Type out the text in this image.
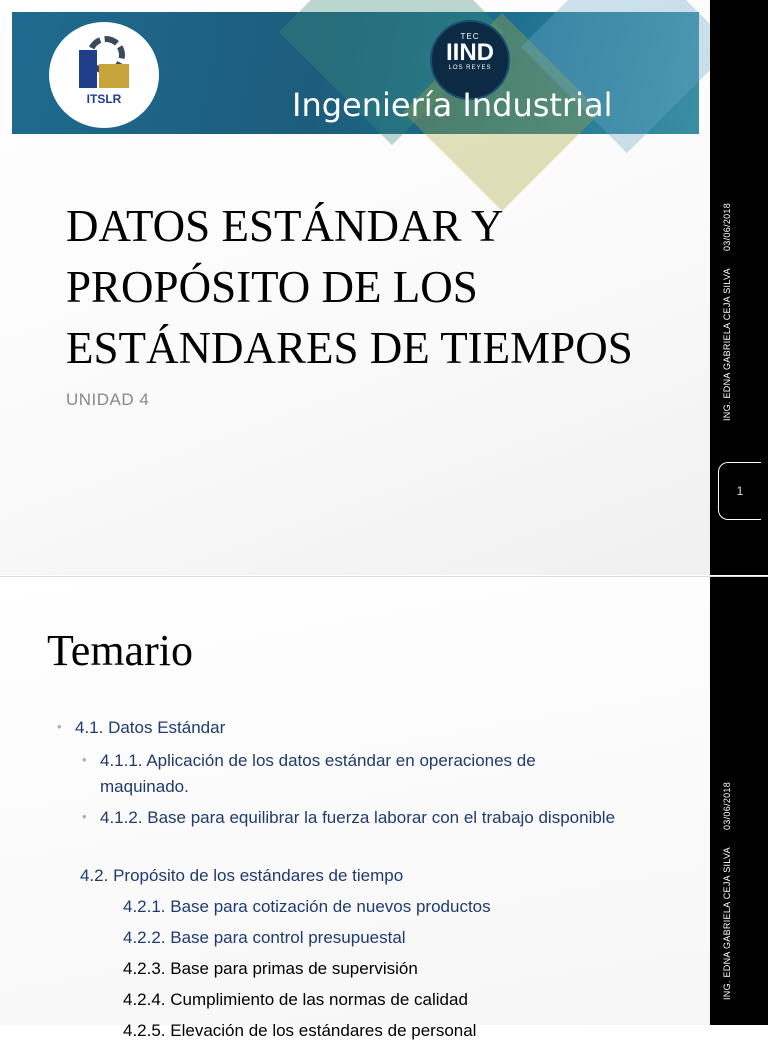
ITSLR
TEC
IIND
LOS REYES
Ingeniería Industrial
DATOS ESTÁNDAR Y PROPÓSITO DE LOS ESTÁNDARES DE TIEMPOS
UNIDAD 4	ING. EDNA GABRIELA CEJA SILVA 03/06/2018
1
Temario
• 4.1. Datos Estándar
• 4.1.1. Aplicación de los datos estándar en operaciones de maquinado.
• 4.1.2. Base para equilibrar la fuerza laborar con el trabajo disponible
4.2. Propósito de los estándares de tiempo
4.2.1. Base para cotización de nuevos productos
4.2.2. Base para control presupuestal
4.2.3. Base para primas de supervisión
4.2.4. Cumplimiento de las normas de calidad
4.2.5. Elevación de los estándares de personal
ING. EDNA GABRIELA CEJA SILVA 03/06/2018
